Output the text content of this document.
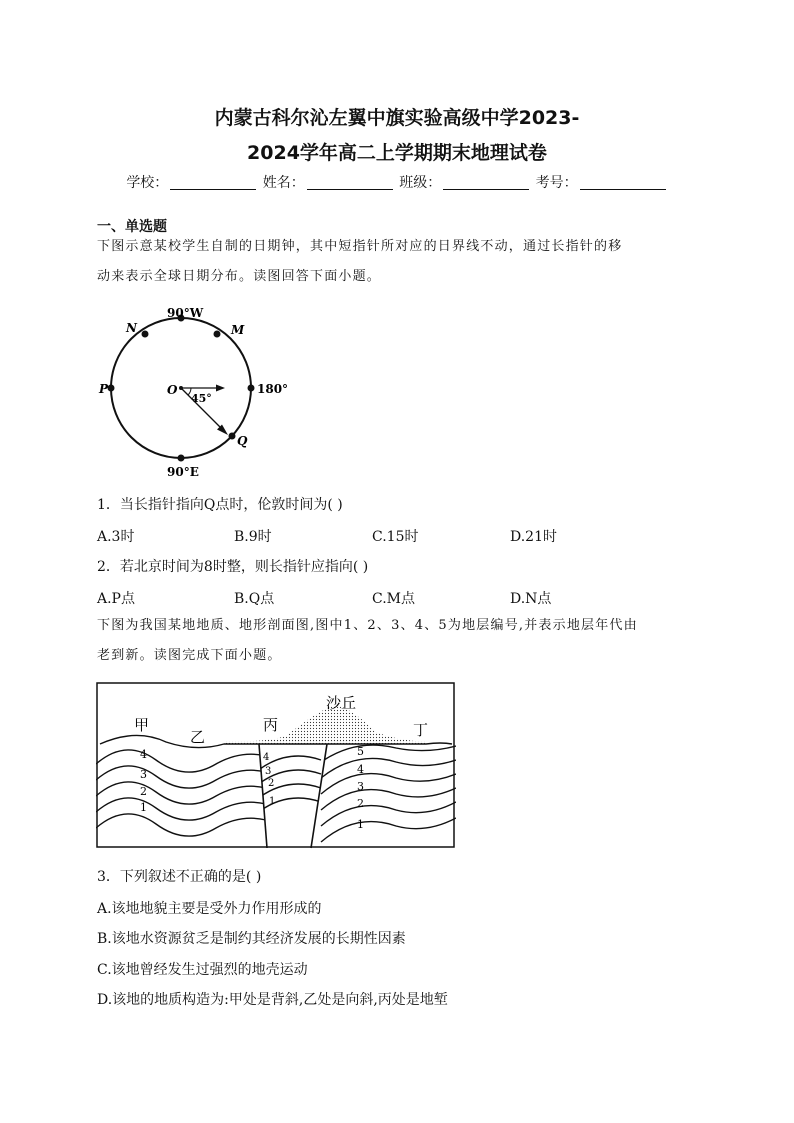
内蒙古科尔沁左翼中旗实验高级中学2023-
2024学年高二上学期期末地理试卷
学校：	姓名：	班级：	考号：
一、单选题
下图示意某校学生自制的日期钟，其中短指针所对应的日界线不动，通过长指针的移
动来表示全球日期分布。读图回答下面小题。
90°W
90°E
180°
P	O
N	M
Q
45°
1．当长指针指向Q点时，伦敦时间为( )
A.3时	B.9时	C.15时	D.21时
2．若北京时间为8时整，则长指针应指向( )
A.P点	B.Q点	C.M点	D.N点
下图为我国某地地质、地形剖面图,图中1、2、3、4、5为地层编号,并表示地层年代由
老到新。读图完成下面小题。
沙丘
甲
乙
丙	丁
4
3
2
1
4
3
2
1
5
4
3
2
1
3．下列叙述不正确的是( )
A.该地地貌主要是受外力作用形成的
B.该地水资源贫乏是制约其经济发展的长期性因素
C.该地曾经发生过强烈的地壳运动
D.该地的地质构造为:甲处是背斜,乙处是向斜,丙处是地堑
